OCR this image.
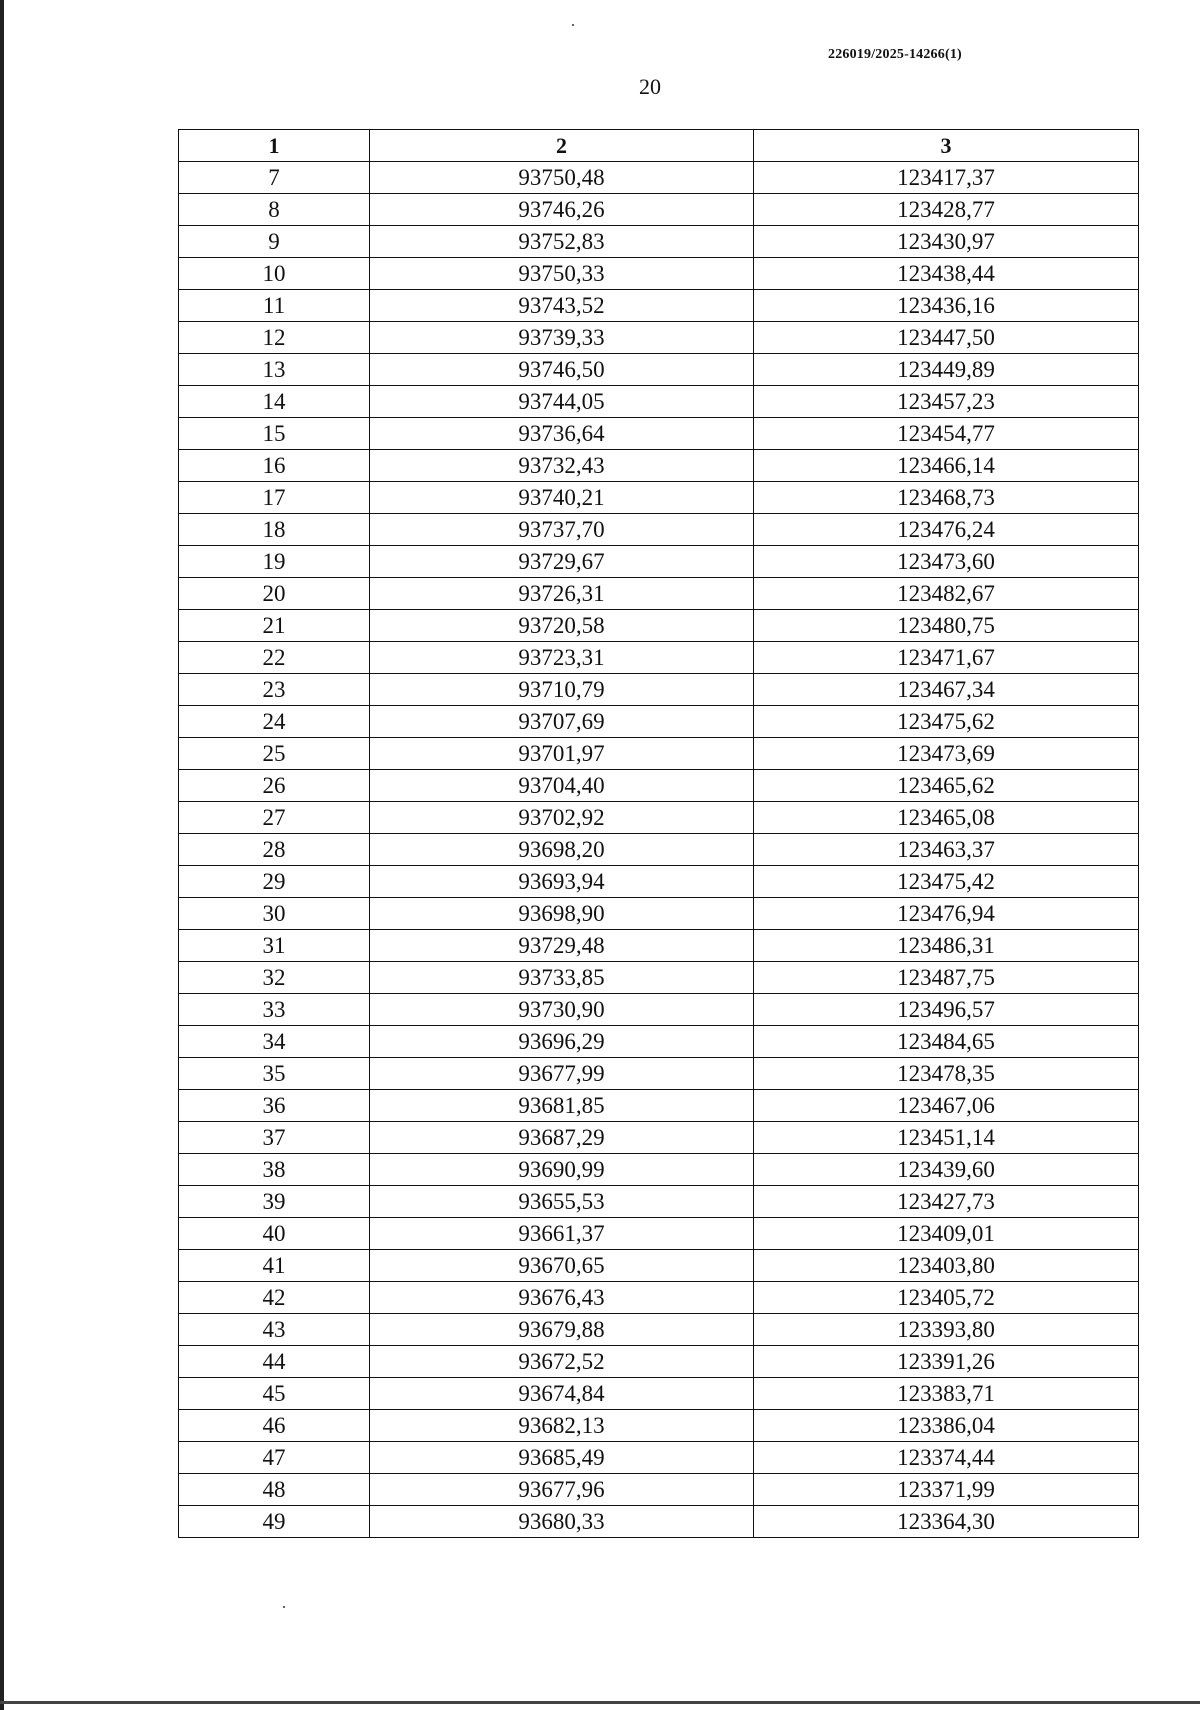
226019/2025-14266(1)
20
1	2	3
7	93750,48	123417,37
8	93746,26	123428,77
9	93752,83	123430,97
10	93750,33	123438,44
11	93743,52	123436,16
12	93739,33	123447,50
13	93746,50	123449,89
14	93744,05	123457,23
15	93736,64	123454,77
16	93732,43	123466,14
17	93740,21	123468,73
18	93737,70	123476,24
19	93729,67	123473,60
20	93726,31	123482,67
21	93720,58	123480,75
22	93723,31	123471,67
23	93710,79	123467,34
24	93707,69	123475,62
25	93701,97	123473,69
26	93704,40	123465,62
27	93702,92	123465,08
28	93698,20	123463,37
29	93693,94	123475,42
30	93698,90	123476,94
31	93729,48	123486,31
32	93733,85	123487,75
33	93730,90	123496,57
34	93696,29	123484,65
35	93677,99	123478,35
36	93681,85	123467,06
37	93687,29	123451,14
38	93690,99	123439,60
39	93655,53	123427,73
40	93661,37	123409,01
41	93670,65	123403,80
42	93676,43	123405,72
43	93679,88	123393,80
44	93672,52	123391,26
45	93674,84	123383,71
46	93682,13	123386,04
47	93685,49	123374,44
48	93677,96	123371,99
49	93680,33	123364,30
